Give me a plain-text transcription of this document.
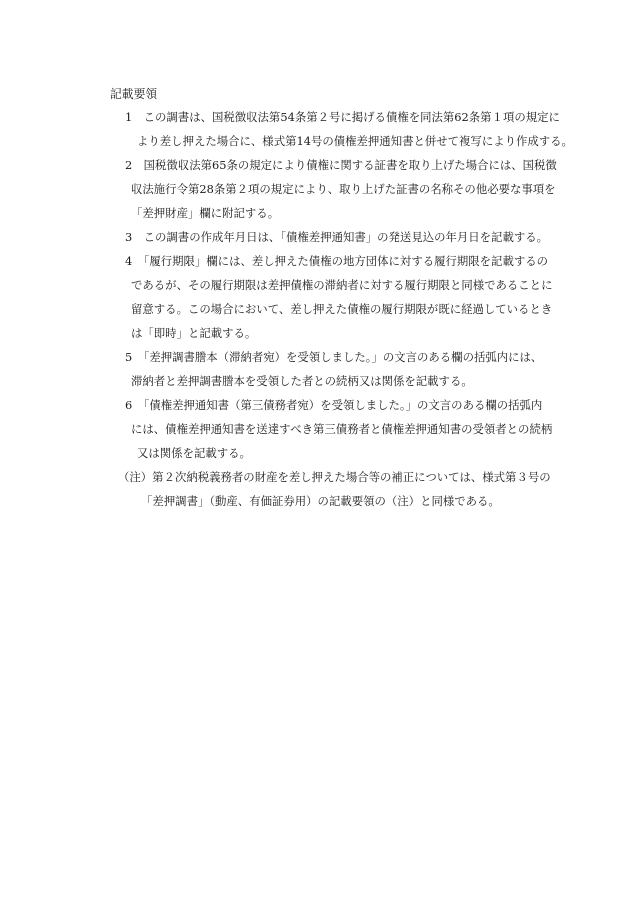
記載要領
1　この調書は、国税徴収法第54条第２号に掲げる債権を同法第62条第１項の規定に
より差し押えた場合に、様式第14号の債権差押通知書と併せて複写により作成する。
2　国税徴収法第65条の規定により債権に関する証書を取り上げた場合には、国税徴
収法施行令第28条第２項の規定により、取り上げた証書の名称その他必要な事項を
「差押財産」欄に附記する。
3　この調書の作成年月日は、「債権差押通知書」の発送見込の年月日を記載する。
4　「履行期限」欄には、差し押えた債権の地方団体に対する履行期限を記載するの
であるが、その履行期限は差押債権の滞納者に対する履行期限と同様であることに
留意する。この場合において、差し押えた債権の履行期限が既に経過しているとき
は「即時」と記載する。
5　「差押調書謄本（滞納者宛）を受領しました。」の文言のある欄の括弧内には、
滞納者と差押調書謄本を受領した者との続柄又は関係を記載する。
6　「債権差押通知書（第三債務者宛）を受領しました。」の文言のある欄の括弧内
には、債権差押通知書を送達すべき第三債務者と債権差押通知書の受領者との続柄
又は関係を記載する。
（注）第２次納税義務者の財産を差し押えた場合等の補正については、様式第３号の
「差押調書」（動産、有価証券用）の記載要領の（注）と同様である。
